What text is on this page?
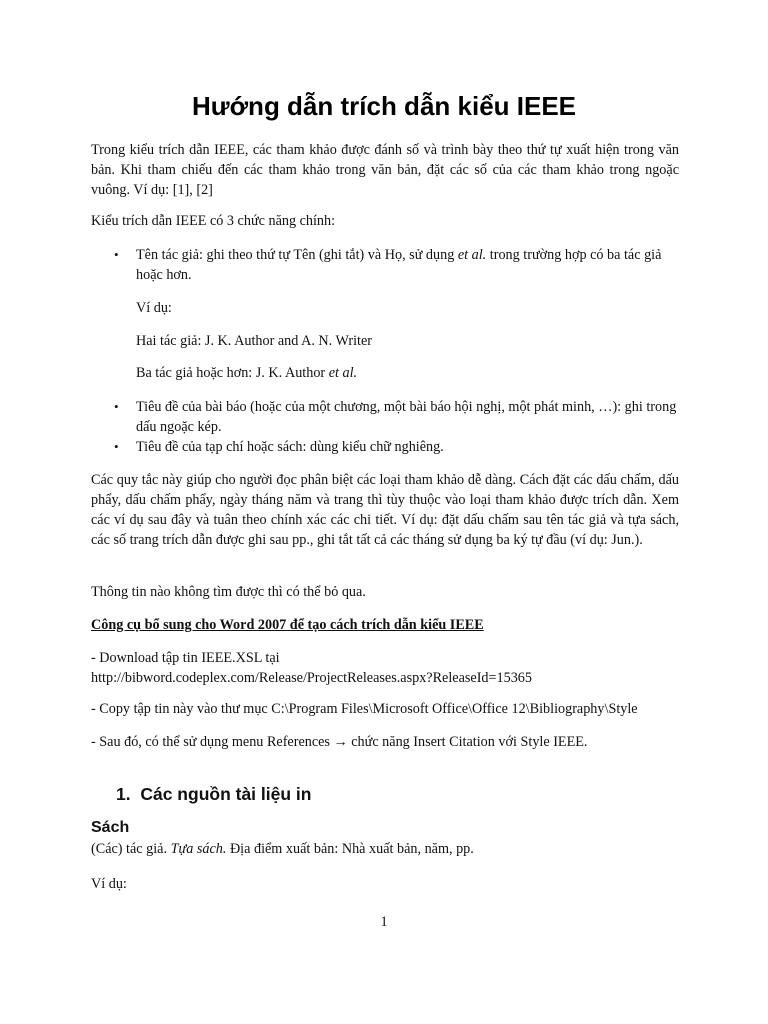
Hướng dẫn trích dẫn kiểu IEEE

Trong kiểu trích dẫn IEEE, các tham khảo được đánh số và trình bày theo thứ tự xuất hiện trong văn bản. Khi tham chiếu đến các tham khảo trong văn bản, đặt các số của các tham khảo trong ngoặc vuông. Ví dụ: [1], [2]

Kiểu trích dẫn IEEE có 3 chức năng chính:

• Tên tác giả: ghi theo thứ tự Tên (ghi tắt) và Họ, sử dụng et al. trong trường hợp có ba tác giả hoặc hơn.

Ví dụ:

Hai tác giả: J. K. Author and A. N. Writer

Ba tác giả hoặc hơn: J. K. Author et al.

• Tiêu đề của bài báo (hoặc của một chương, một bài báo hội nghị, một phát minh, …): ghi trong dấu ngoặc kép.

• Tiêu đề của tạp chí hoặc sách: dùng kiểu chữ nghiêng.

Các quy tắc này giúp cho người đọc phân biệt các loại tham khảo dễ dàng. Cách đặt các dấu chấm, dấu phẩy, dấu chấm phẩy, ngày tháng năm và trang thì tùy thuộc vào loại tham khảo được trích dẫn. Xem các ví dụ sau đây và tuân theo chính xác các chi tiết. Ví dụ: đặt dấu chấm sau tên tác giả và tựa sách, các số trang trích dẫn được ghi sau pp., ghi tắt tất cả các tháng sử dụng ba ký tự đầu (ví dụ: Jun.).

Thông tin nào không tìm được thì có thể bỏ qua.

Công cụ bổ sung cho Word 2007 để tạo cách trích dẫn kiểu IEEE

- Download tập tin IEEE.XSL tại
http://bibword.codeplex.com/Release/ProjectReleases.aspx?ReleaseId=15365

- Copy tập tin này vào thư mục C:\Program Files\Microsoft Office\Office 12\Bibliography\Style

- Sau đó, có thể sử dụng menu References → chức năng Insert Citation với Style IEEE.

1. Các nguồn tài liệu in

Sách

(Các) tác giả. Tựa sách. Địa điểm xuất bản: Nhà xuất bản, năm, pp.

Ví dụ:

1
